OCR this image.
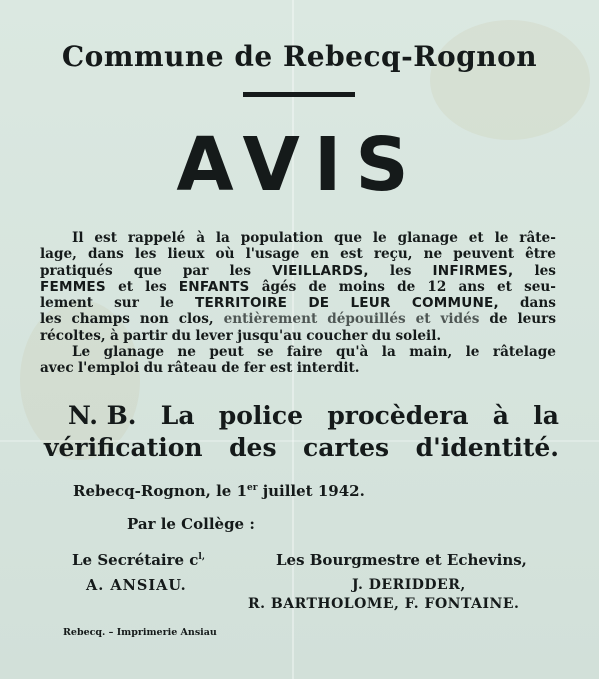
Commune de Rebecq-Rognon
AVIS
Il est rappelé à la population que le glanage et le râte-
lage, dans les lieux où l'usage en est reçu, ne peuvent être
pratiqués que par les VIEILLARDS, les INFIRMES, les
FEMMES et les ENFANTS âgés de moins de 12 ans et seu-
lement sur le TERRITOIRE DE LEUR COMMUNE, dans
les champs non clos, entièrement dépouillés et vidés de leurs
récoltes, à partir du lever jusqu'au coucher du soleil.
Le glanage ne peut se faire qu'à la main, le râtelage
avec l'emploi du râteau de fer est interdit.
N. B. La police procèdera à la
vérification des cartes d'identité.
Rebecq-Rognon, le 1er juillet 1942.
Par le Collège :
Le Secrétaire $c^{l,}$
A. ANSIAU.
Les Bourgmestre et Echevins,
J. DERIDDER,
R. BARTHOLOME, F. FONTAINE.
Rebecq. – Imprimerie Ansiau
